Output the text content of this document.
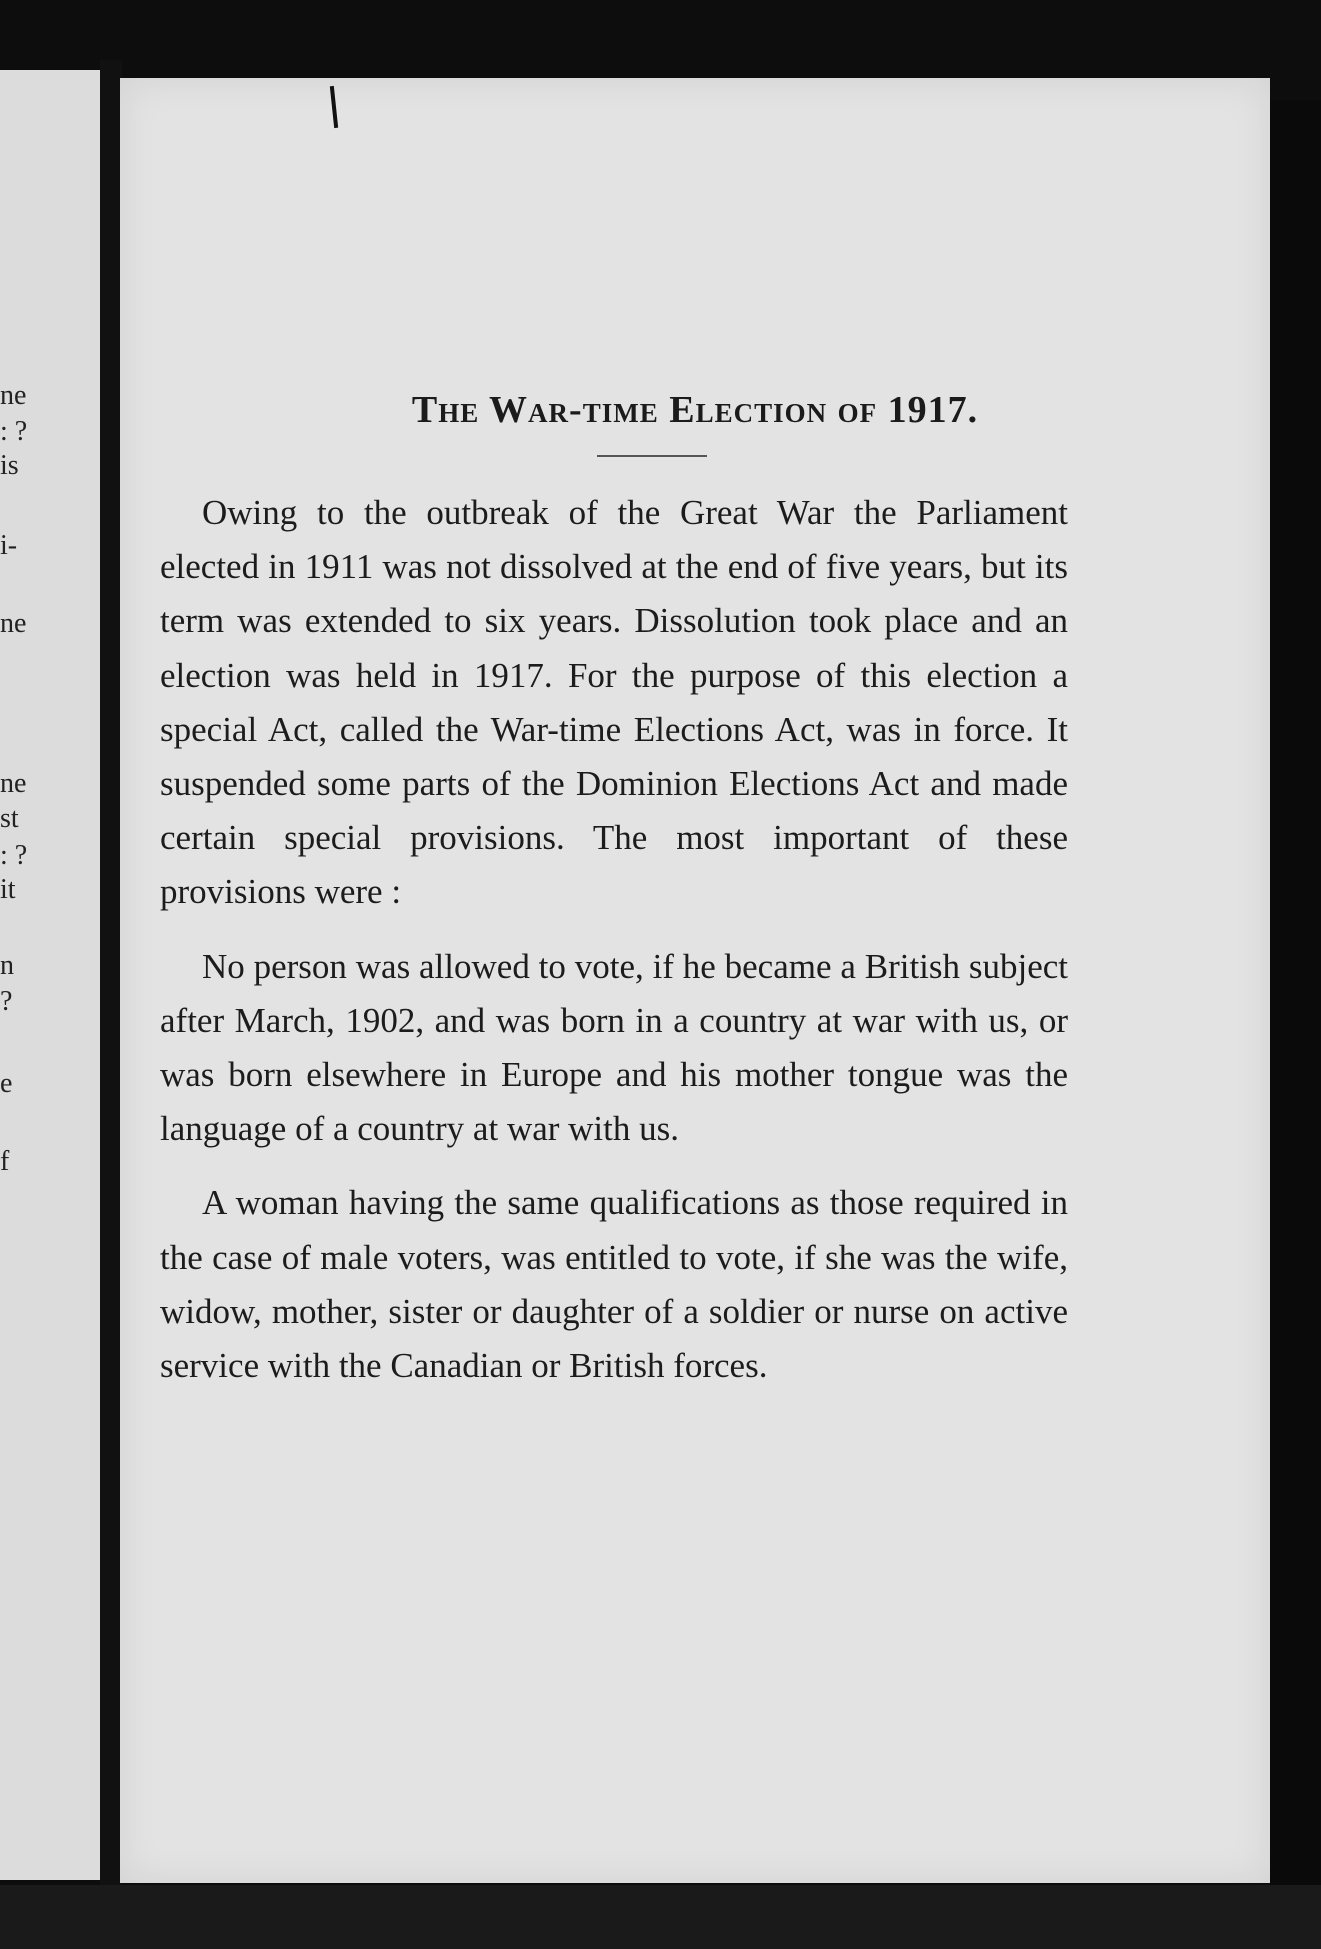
ne
: ?
is
i-
ne
ne
st
: ?
it
n
?
e
f
The War-time Election of 1917.

Owing to the outbreak of the Great War the Parliament elected in 1911 was not dissolved at the end of five years, but its term was extended to six years. Dissolution took place and an election was held in 1917. For the purpose of this election a special Act, called the War-time Elections Act, was in force. It suspended some parts of the Dominion Elections Act and made certain special provisions. The most important of these provisions were :

No person was allowed to vote, if he became a British subject after March, 1902, and was born in a country at war with us, or was born elsewhere in Europe and his mother tongue was the language of a country at war with us.

A woman having the same qualifications as those required in the case of male voters, was entitled to vote, if she was the wife, widow, mother, sister or daughter of a soldier or nurse on active service with the Canadian or British forces.
